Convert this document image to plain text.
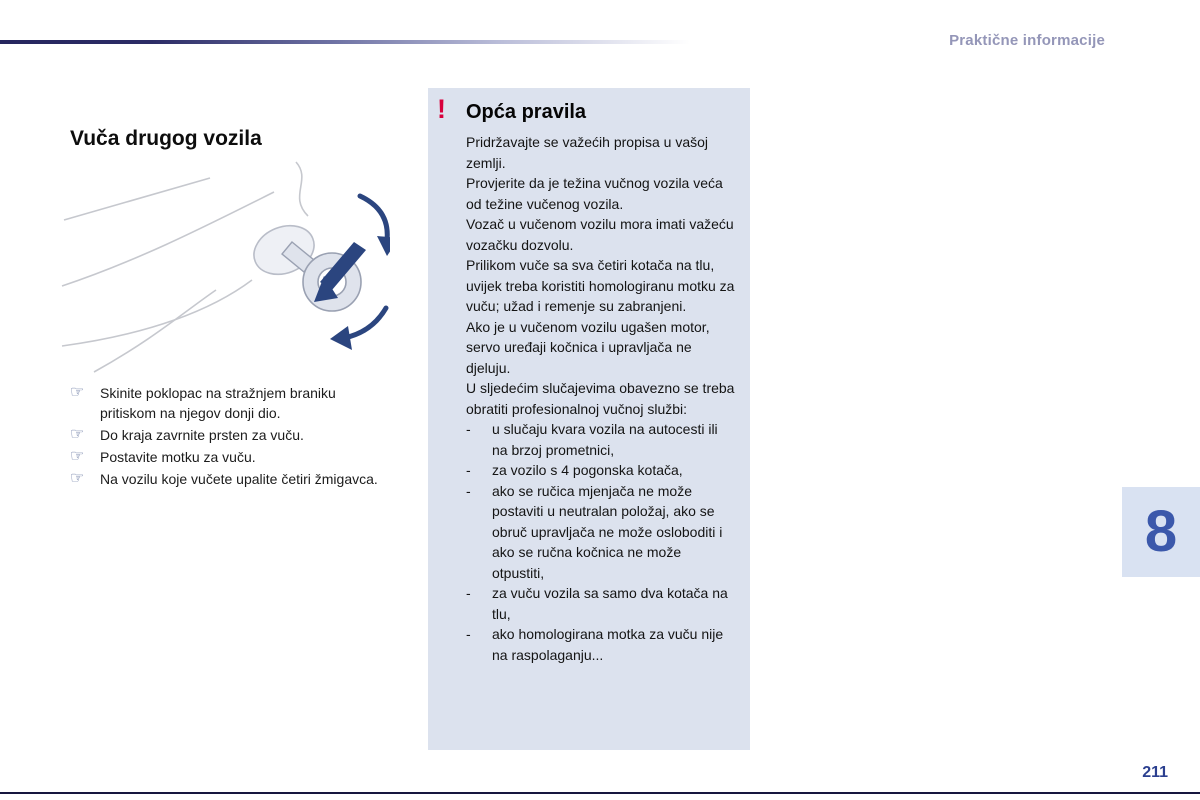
Praktične informacije
Vuča drugog vozila
☞	Skinite poklopac na stražnjem braniku pritiskom na njegov donji dio.
☞	Do kraja zavrnite prsten za vuču.
☞	Postavite motku za vuču.
☞	Na vozilu koje vučete upalite četiri žmigavca.
!	Opća pravila

Pridržavajte se važećih propisa u vašoj zemlji.

Provjerite da je težina vučnog vozila veća od težine vučenog vozila.

Vozač u vučenom vozilu mora imati važeću vozačku dozvolu.

Prilikom vuče sa sva četiri kotača na tlu, uvijek treba koristiti homologiranu motku za vuču; užad i remenje su zabranjeni.

Ako je u vučenom vozilu ugašen motor, servo uređaji kočnica i upravljača ne djeluju.

U sljedećim slučajevima obavezno se treba obratiti profesionalnoj vučnoj službi:

-	u slučaju kvara vozila na autocesti ili na brzoj prometnici,
-	za vozilo s 4 pogonska kotača,
-	ako se ručica mjenjača ne može postaviti u neutralan položaj, ako se obruč upravljača ne može osloboditi i ako se ručna kočnica ne može otpustiti,
-	za vuču vozila sa samo dva kotača na tlu,
-	ako homologirana motka za vuču nije na raspolaganju...
8
211
